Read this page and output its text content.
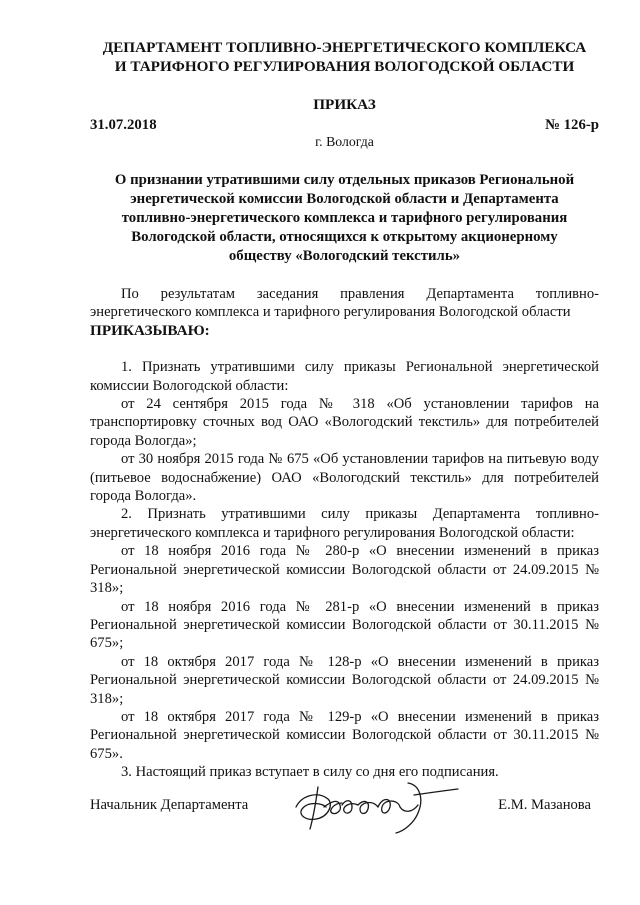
ДЕПАРТАМЕНТ ТОПЛИВНО-ЭНЕРГЕТИЧЕСКОГО КОМПЛЕКСА
И ТАРИФНОГО РЕГУЛИРОВАНИЯ ВОЛОГОДСКОЙ ОБЛАСТИ
ПРИКАЗ
31.07.2018	№ 126-р
г. Вологда
О признании утратившими силу отдельных приказов Региональной энергетической комиссии Вологодской области и Департамента топливно-энергетического комплекса и тарифного регулирования Вологодской области, относящихся к открытому акционерному обществу «Вологодский текстиль»

По результатам заседания правления Департамента топливно-энергетического комплекса и тарифного регулирования Вологодской области

ПРИКАЗЫВАЮ:

1. Признать утратившими силу приказы Региональной энергетической комиссии Вологодской области:

от 24 сентября 2015 года № 318 «Об установлении тарифов на транспортировку сточных вод ОАО «Вологодский текстиль» для потребителей города Вологда»;

от 30 ноября 2015 года № 675 «Об установлении тарифов на питьевую воду (питьевое водоснабжение) ОАО «Вологодский текстиль» для потребителей города Вологда».

2. Признать утратившими силу приказы Департамента топливно-энергетического комплекса и тарифного регулирования Вологодской области:

от 18 ноября 2016 года № 280-р «О внесении изменений в приказ Региональной энергетической комиссии Вологодской области от 24.09.2015 № 318»;

от 18 ноября 2016 года № 281-р «О внесении изменений в приказ Региональной энергетической комиссии Вологодской области от 30.11.2015 № 675»;

от 18 октября 2017 года № 128-р «О внесении изменений в приказ Региональной энергетической комиссии Вологодской области от 24.09.2015 № 318»;

от 18 октября 2017 года № 129-р «О внесении изменений в приказ Региональной энергетической комиссии Вологодской области от 30.11.2015 № 675».

3. Настоящий приказ вступает в силу со дня его подписания.

Начальник Департамента	Е.М. Мазанова
